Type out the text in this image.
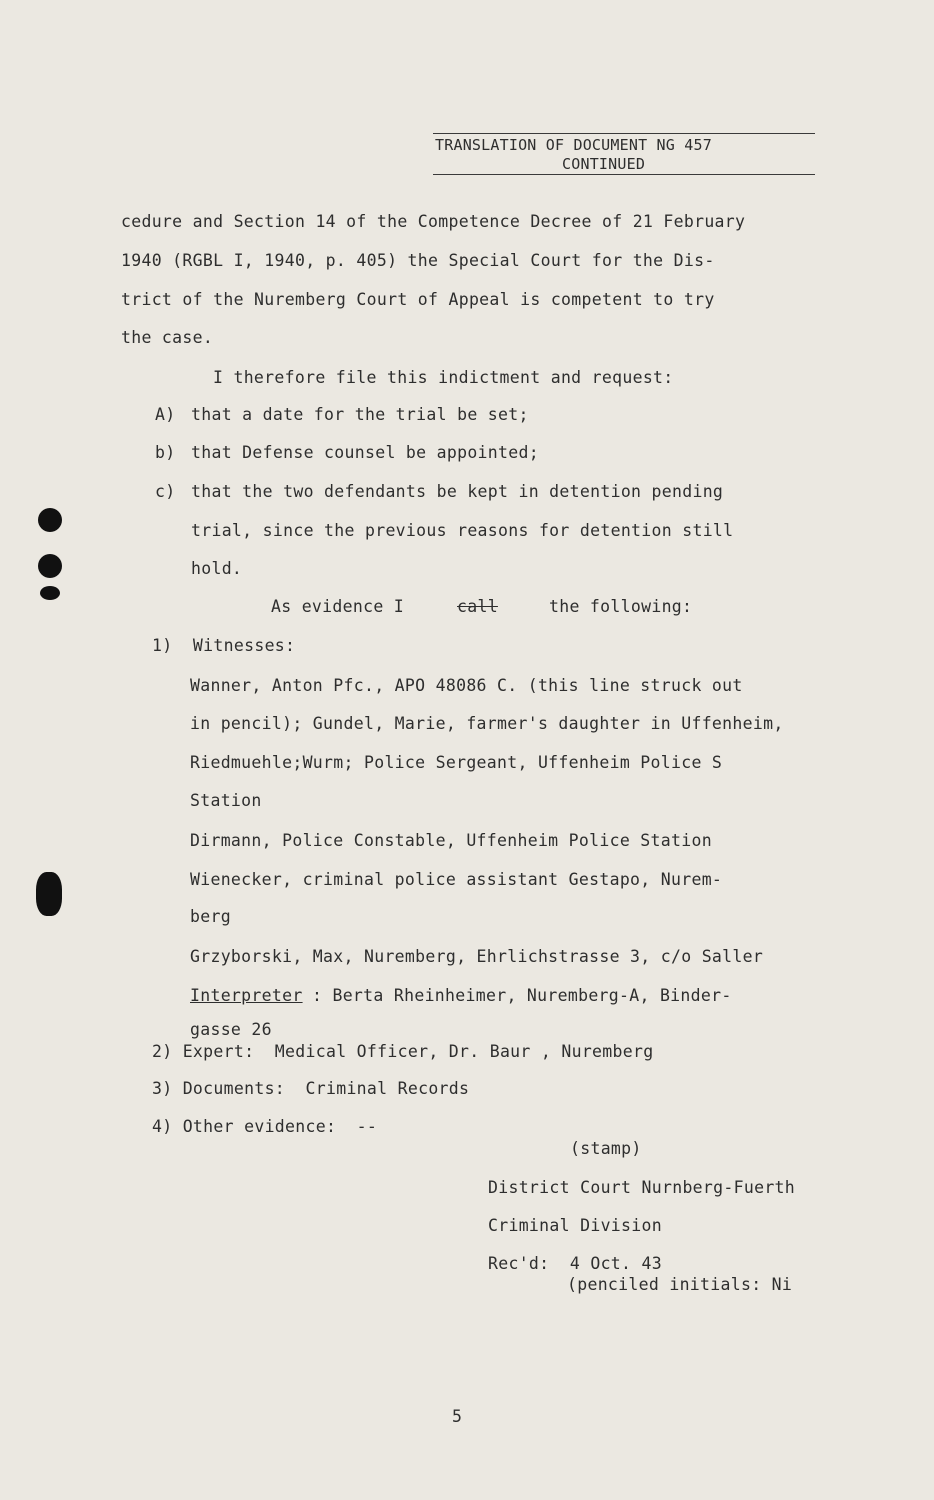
TRANSLATION OF DOCUMENT NG 457
CONTINUED
cedure and Section 14 of the Competence Decree of 21 February
1940 (RGBL I, 1940, p. 405) the Special Court for the Dis-
trict of the Nuremberg Court of Appeal is competent to try
the case.
I therefore file this indictment and request:
A) that a date for the trial be set;
b) that Defense counsel be appointed;
c) that the two defendants be kept in detention pending
trial, since the previous reasons for detention still
hold.
As evidence I	call	the following:
1)  Witnesses:
Wanner, Anton Pfc., APO 48086 C. (this line struck out
in pencil); Gundel, Marie, farmer's daughter in Uffenheim,
Riedmuehle;Wurm; Police Sergeant, Uffenheim Police S
Station
Dirmann, Police Constable, Uffenheim Police Station
Wienecker, criminal police assistant Gestapo, Nurem-
berg
Grzyborski, Max, Nuremberg, Ehrlichstrasse 3, c/o Saller
Interpreter : Berta Rheinheimer, Nuremberg-A, Binder-
gasse 26
2) Expert:  Medical Officer, Dr. Baur , Nuremberg
3) Documents:  Criminal Records
4) Other evidence:  --
(stamp)
District Court Nurnberg-Fuerth
Criminal Division
Rec'd:  4 Oct. 43
(penciled initials: Ni
5
